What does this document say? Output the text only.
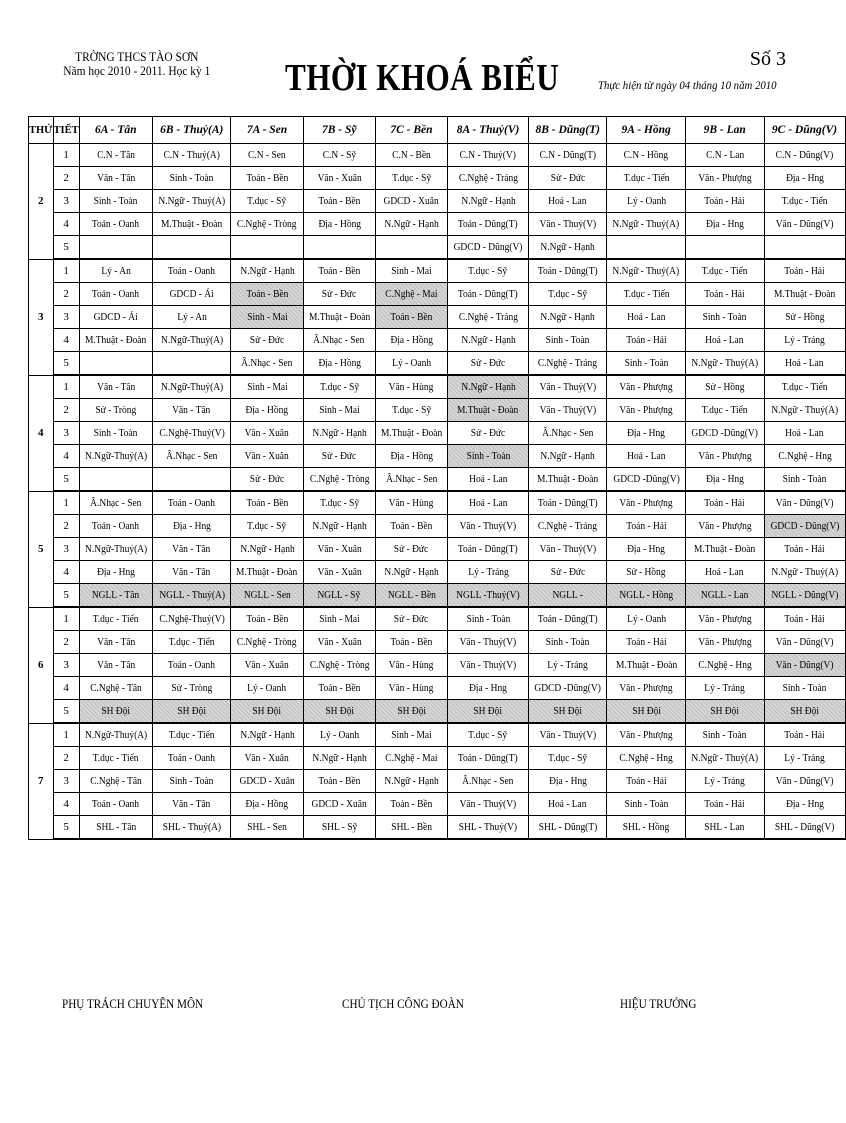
TRỜNG THCS TÀO SƠN
Năm học 2010 - 2011. Học kỳ 1 THỜI KHOÁ BIỂU	Số 3
Thực hiện từ ngày 04 tháng 10 năm 2010
THỨ	TIẾT	6A - Tân	6B - Thuỷ(A)	7A - Sen	7B - Sỹ	7C - Bền	8A - Thuỷ(V)	8B - Dũng(T)	9A - Hồng	9B - Lan	9C - Dũng(V)
2	1	C.N - Tân	C.N - Thuỷ(A)	C.N - Sen	C.N - Sỹ	C.N - Bền	C.N - Thuỷ(V)	C.N - Dũng(T)	C.N - Hồng	C.N - Lan	C.N - Dũng(V)
	2	Văn - Tân	Sinh - Toàn	Toán - Bền	Văn - Xuân	T.dục - Sỹ	C.Nghệ - Tráng	Sử - Đức	T.dục - Tiến	Văn - Phượng	Địa - Hng
	3	Sinh - Toàn	N.Ngữ - Thuỷ(A)	T.dục - Sỹ	Toán - Bền	GDCD - Xuân	N.Ngữ - Hạnh	Hoá - Lan	Lý - Oanh	Toán - Hải	T.dục - Tiến
	4	Toán - Oanh	M.Thuật - Đoàn	C.Nghệ - Tròng	Địa - Hồng	N.Ngữ - Hạnh	Toán - Dũng(T)	Văn - Thuỷ(V)	N.Ngữ - Thuỷ(A)	Địa - Hng	Văn - Dũng(V)
	5						GDCD - Dũng(V)	N.Ngữ - Hạnh			
3	1	Lý - An	Toán - Oanh	N.Ngữ - Hạnh	Toán - Bền	Sinh - Mai	T.dục - Sỹ	Toán - Dũng(T)	N.Ngữ - Thuỷ(A)	T.dục - Tiến	Toán - Hải
	2	Toán - Oanh	GDCD - Ái	Toán - Bền	Sử - Đức	C.Nghệ - Mai	Toán - Dũng(T)	T.dục - Sỹ	T.dục - Tiến	Toán - Hải	M.Thuật - Đoàn
	3	GDCD - Ái	Lý - An	Sinh - Mai	M.Thuật - Đoàn	Toán - Bền	C.Nghệ - Tráng	N.Ngữ - Hạnh	Hoá - Lan	Sinh - Toàn	Sử - Hồng
	4	M.Thuật - Đoàn	N.Ngữ-Thuỷ(A)	Sử - Đức	Â.Nhạc - Sen	Địa - Hồng	N.Ngữ - Hạnh	Sinh - Toàn	Toán - Hải	Hoá - Lan	Lý - Tráng
	5			Â.Nhạc - Sen	Địa - Hồng	Lý - Oanh	Sử - Đức	C.Nghệ - Tráng	Sinh - Toàn	N.Ngữ - Thuỷ(A)	Hoá - Lan
4	1	Văn - Tân	N.Ngữ-Thuỷ(A)	Sinh - Mai	T.dục - Sỹ	Văn - Hùng	N.Ngữ - Hạnh	Văn - Thuỷ(V)	Văn - Phượng	Sử - Hồng	T.dục - Tiến
	2	Sử - Tròng	Văn - Tân	Địa - Hồng	Sinh - Mai	T.dục - Sỹ	M.Thuật - Đoàn	Văn - Thuỷ(V)	Văn - Phượng	T.dục - Tiến	N.Ngữ - Thuỷ(A)
	3	Sinh - Toàn	C.Nghệ-Thuỷ(V)	Văn - Xuân	N.Ngữ - Hạnh	M.Thuật - Đoàn	Sử - Đức	Â.Nhạc - Sen	Địa - Hng	GDCD -Dũng(V)	Hoá - Lan
	4	N.Ngữ-Thuỷ(A)	Â.Nhạc - Sen	Văn - Xuân	Sử - Đức	Địa - Hồng	Sinh - Toàn	N.Ngữ - Hạnh	Hoá - Lan	Văn - Phượng	C.Nghệ - Hng
	5			Sử - Đức	C.Nghệ - Tròng	Â.Nhạc - Sen	Hoá - Lan	M.Thuật - Đoàn	GDCD -Dũng(V)	Địa - Hng	Sinh - Toàn
5	1	Â.Nhạc - Sen	Toán - Oanh	Toán - Bền	T.dục - Sỹ	Văn - Hùng	Hoá - Lan	Toán - Dũng(T)	Văn - Phượng	Toán - Hải	Văn - Dũng(V)
	2	Toán - Oanh	Địa - Hng	T.dục - Sỹ	N.Ngữ - Hạnh	Toán - Bền	Văn - Thuỷ(V)	C.Nghệ - Tráng	Toán - Hải	Văn - Phượng	GDCD - Dũng(V)
	3	N.Ngữ-Thuỷ(A)	Văn - Tân	N.Ngữ - Hạnh	Văn - Xuân	Sử - Đức	Toán - Dũng(T)	Văn - Thuỷ(V)	Địa - Hng	M.Thuật - Đoàn	Toán - Hải
	4	Địa - Hng	Văn - Tân	M.Thuật - Đoàn	Văn - Xuân	N.Ngữ - Hạnh	Lý - Tráng	Sử - Đức	Sử - Hồng	Hoá - Lan	N.Ngữ - Thuỷ(A)
	5	NGLL - Tân	NGLL - Thuỷ(A)	NGLL - Sen	NGLL - Sỹ	NGLL - Bền	NGLL -Thuỷ(V)	NGLL -	NGLL - Hồng	NGLL - Lan	NGLL - Dũng(V)
6	1	T.dục - Tiến	C.Nghệ-Thuỷ(V)	Toán - Bền	Sinh - Mai	Sử - Đức	Sinh - Toàn	Toán - Dũng(T)	Lý - Oanh	Văn - Phượng	Toán - Hải
	2	Văn - Tân	T.dục - Tiến	C.Nghệ - Tròng	Văn - Xuân	Toán - Bền	Văn - Thuỷ(V)	Sinh - Toàn	Toán - Hải	Văn - Phượng	Văn - Dũng(V)
	3	Văn - Tân	Toán - Oanh	Văn - Xuân	C.Nghệ - Tròng	Văn - Hùng	Văn - Thuỷ(V)	Lý - Tráng	M.Thuật - Đoàn	C.Nghệ - Hng	Văn - Dũng(V)
	4	C.Nghệ - Tân	Sử - Tròng	Lý - Oanh	Toán - Bền	Văn - Hùng	Địa - Hng	GDCD -Dũng(V)	Văn - Phượng	Lý - Tráng	Sinh - Toàn
	5	SH Đội	SH Đội	SH Đội	SH Đội	SH Đội	SH Đội	SH Đội	SH Đội	SH Đội	SH Đội
7	1	N.Ngữ-Thuỷ(A)	T.dục - Tiến	N.Ngữ - Hạnh	Lý - Oanh	Sinh - Mai	T.dục - Sỹ	Văn - Thuỷ(V)	Văn - Phượng	Sinh - Toàn	Toán - Hải
	2	T.dục - Tiến	Toán - Oanh	Văn - Xuân	N.Ngữ - Hạnh	C.Nghệ - Mai	Toán - Dũng(T)	T.dục - Sỹ	C.Nghệ - Hng	N.Ngữ - Thuỷ(A)	Lý - Tráng
	3	C.Nghệ - Tân	Sinh - Toàn	GDCD - Xuân	Toán - Bền	N.Ngữ - Hạnh	Â.Nhạc - Sen	Địa - Hng	Toán - Hải	Lý - Tráng	Văn - Dũng(V)
	4	Toán - Oanh	Văn - Tân	Địa - Hồng	GDCD - Xuân	Toán - Bền	Văn - Thuỷ(V)	Hoá - Lan	Sinh - Toàn	Toán - Hải	Địa - Hng
	5	SHL - Tân	SHL - Thuỷ(A)	SHL - Sen	SHL - Sỹ	SHL - Bền	SHL - Thuỷ(V)	SHL - Dũng(T)	SHL - Hồng	SHL - Lan	SHL - Dũng(V)
PHỤ TRÁCH CHUYÊN MÔN	CHỦ TỊCH CÔNG ĐOÀN	HIỆU TRƯỞNG
